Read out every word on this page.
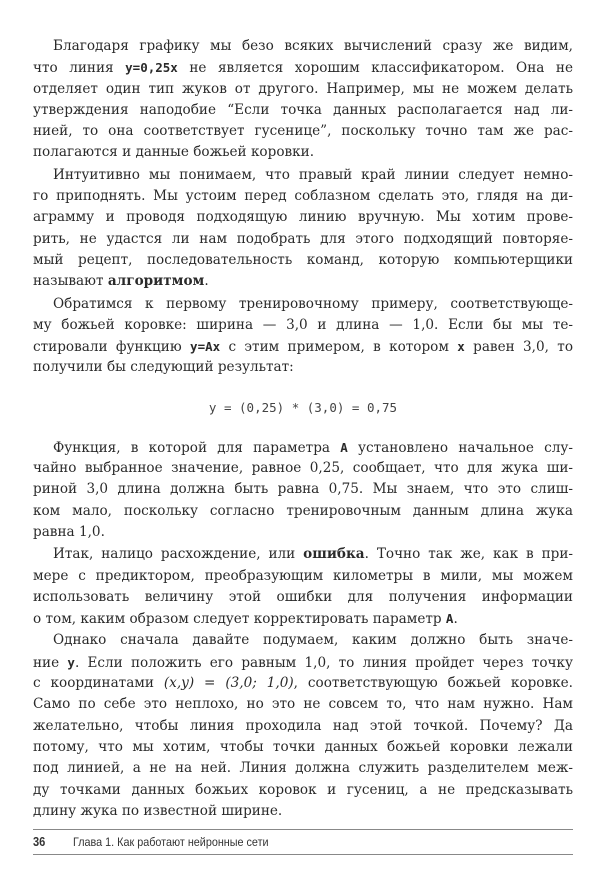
Благодаря графику мы безо всяких вычислений сразу же видим,
что линия y=0,25x не является хорошим классификатором. Она не
отделяет один тип жуков от другого. Например, мы не можем делать
утверждения наподобие “Если точка данных располагается над ли-
нией, то она соответствует гусенице”, поскольку точно там же рас-
полагаются и данные божьей коровки.
Интуитивно мы понимаем, что правый край линии следует немно-
го приподнять. Мы устоим перед соблазном сделать это, глядя на ди-
аграмму и проводя подходящую линию вручную. Мы хотим прове-
рить, не удастся ли нам подобрать для этого подходящий повторяе-
мый рецепт, последовательность команд, которую компьютерщики
называют алгоритмом.
Обратимся к первому тренировочному примеру, соответствующе-
му божьей коровке: ширина — 3,0 и длина — 1,0. Если бы мы те-
стировали функцию y=Ax с этим примером, в котором x равен 3,0, то
получили бы следующий результат:
y = (0,25) * (3,0) = 0,75
Функция, в которой для параметра A установлено начальное слу-
чайно выбранное значение, равное 0,25, сообщает, что для жука ши-
риной 3,0 длина должна быть равна 0,75. Мы знаем, что это слиш-
ком мало, поскольку согласно тренировочным данным длина жука
равна 1,0.
Итак, налицо расхождение, или ошибка. Точно так же, как в при-
мере с предиктором, преобразующим километры в мили, мы можем
использовать величину этой ошибки для получения информации
о том, каким образом следует корректировать параметр A.
Однако сначала давайте подумаем, каким должно быть значе-
ние y. Если положить его равным 1,0, то линия пройдет через точку
с координатами (x,y) = (3,0; 1,0), соответствующую божьей коровке.
Само по себе это неплохо, но это не совсем то, что нам нужно. Нам
желательно, чтобы линия проходила над этой точкой. Почему? Да
потому, что мы хотим, чтобы точки данных божьей коровки лежали
под линией, а не на ней. Линия должна служить разделителем меж-
ду точками данных божьих коровок и гусениц, а не предсказывать
длину жука по известной ширине.
36 Глава 1. Как работают нейронные сети
